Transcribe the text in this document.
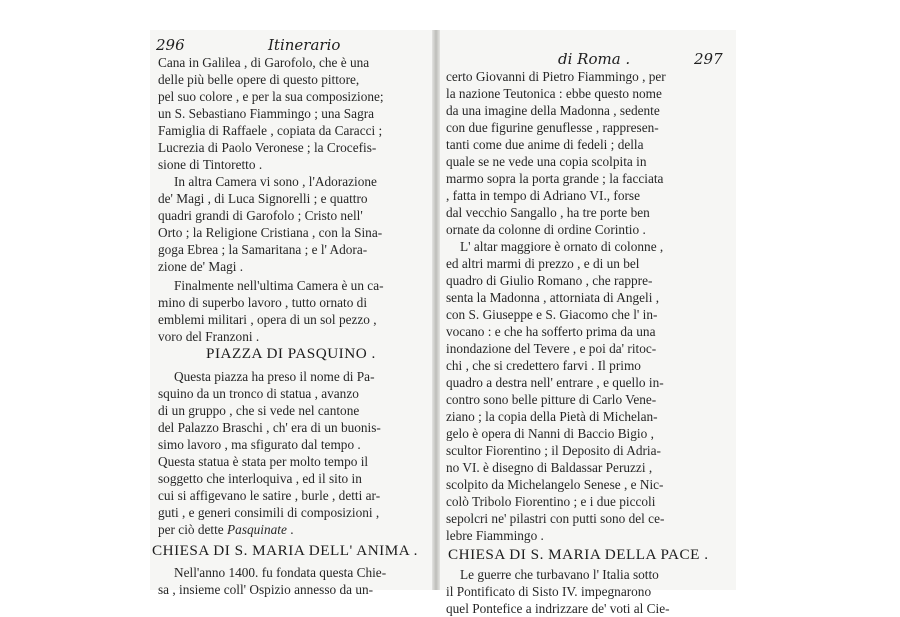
296	Itinerario
Cana in Galilea , di Garofolo, che è una
delle più belle opere di questo pittore,
pel suo colore , e per la sua composizione;
un S. Sebastiano Fiammingo ; una Sagra
Famiglia di Raffaele , copiata da Caracci ;
Lucrezia di Paolo Veronese ; la Crocefis-
sione di Tintoretto .
In altra Camera vi sono , l'Adorazione
de' Magi , di Luca Signorelli ; e quattro
quadri grandi di Garofolo ; Cristo nell'
Orto ; la Religione Cristiana , con la Sina-
goga Ebrea ; la Samaritana ; e l' Adora-
zione de' Magi .
Finalmente nell'ultima Camera è un ca-
mino di superbo lavoro , tutto ornato di
emblemi militari , opera di un sol pezzo ,
voro del Franzoni .
PIAZZA DI PASQUINO .
Questa piazza ha preso il nome di Pa-
squino da un tronco di statua , avanzo
di un gruppo , che si vede nel cantone
del Palazzo Braschi , ch' era di un buonis-
simo lavoro , ma sfigurato dal tempo .
Questa statua è stata per molto tempo il
soggetto che interloquiva , ed il sito in
cui si affigevano le satire , burle , detti ar-
guti , e generi consimili di composizioni ,
per ciò dette Pasquinate .
CHIESA DI S. MARIA DELL' ANIMA .
Nell'anno 1400. fu fondata questa Chie-
sa , insieme coll' Ospizio annesso da un-
di Roma .	297
certo Giovanni di Pietro Fiammingo , per
la nazione Teutonica : ebbe questo nome
da una imagine della Madonna , sedente
con due figurine genuflesse , rappresen-
tanti come due anime di fedeli ; della
quale se ne vede una copia scolpita in
marmo sopra la porta grande ; la facciata
, fatta in tempo di Adriano VI., forse
dal vecchio Sangallo , ha tre porte ben
ornate da colonne di ordine Corintio .
L' altar maggiore è ornato di colonne ,
ed altri marmi di prezzo , e di un bel
quadro di Giulio Romano , che rappre-
senta la Madonna , attorniata di Angeli ,
con S. Giuseppe e S. Giacomo che l' in-
vocano : e che ha sofferto prima da una
inondazione del Tevere , e poi da' ritoc-
chi , che si credettero farvi . Il primo
quadro a destra nell' entrare , e quello in-
contro sono belle pitture di Carlo Vene-
ziano ; la copia della Pietà di Michelan-
gelo è opera di Nanni di Baccio Bigio ,
scultor Fiorentino ; il Deposito di Adria-
no VI. è disegno di Baldassar Peruzzi ,
scolpito da Michelangelo Senese , e Nic-
colò Tribolo Fiorentino ; e i due piccoli
sepolcri ne' pilastri con putti sono del ce-
lebre Fiammingo .
CHIESA DI S. MARIA DELLA PACE .
Le guerre che turbavano l' Italia sotto
il Pontificato di Sisto IV. impegnarono
quel Pontefice a indrizzare de' voti al Cie-
